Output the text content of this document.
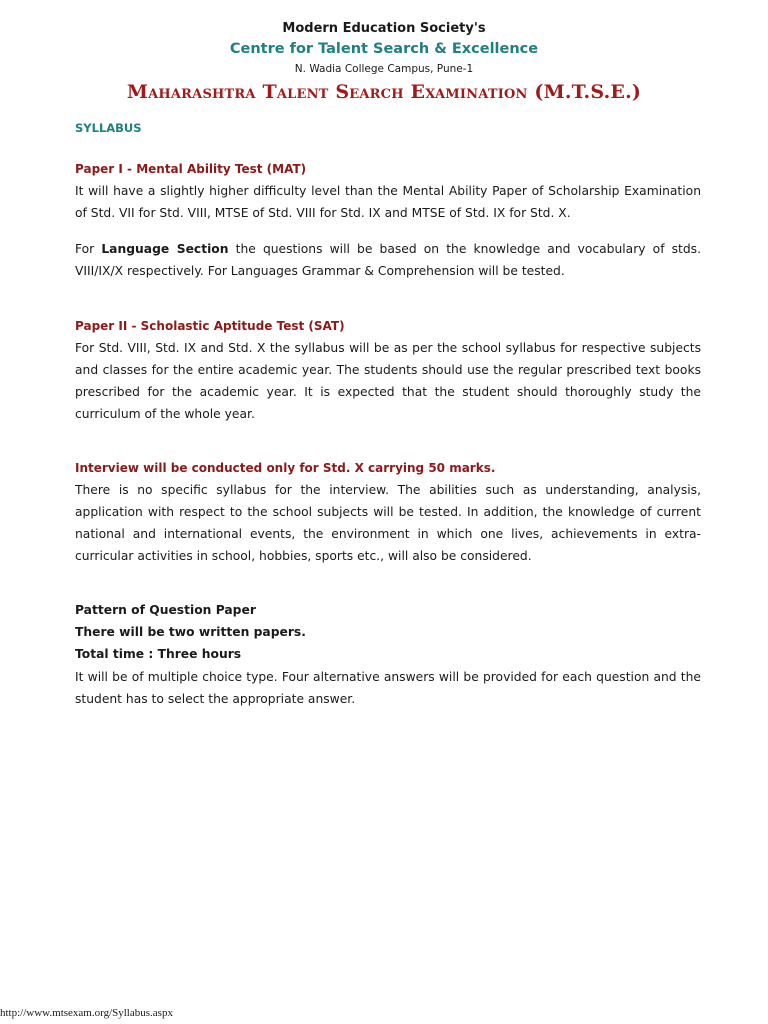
Modern Education Society's
Centre for Talent Search & Excellence
N. Wadia College Campus, Pune-1
Maharashtra Talent Search Examination (M.T.S.E.)
SYLLABUS
Paper I - Mental Ability Test (MAT)
It will have a slightly higher difficulty level than the Mental Ability Paper of Scholarship Examination of Std. VII for Std. VIII, MTSE of Std. VIII for Std. IX and MTSE of Std. IX for Std. X.
For Language Section the questions will be based on the knowledge and vocabulary of stds. VIII/IX/X respectively. For Languages Grammar & Comprehension will be tested.
Paper II - Scholastic Aptitude Test (SAT)
For Std. VIII, Std. IX and Std. X the syllabus will be as per the school syllabus for respective subjects and classes for the entire academic year. The students should use the regular prescribed text books prescribed for the academic year. It is expected that the student should thoroughly study the curriculum of the whole year.
Interview will be conducted only for Std. X carrying 50 marks.
There is no specific syllabus for the interview. The abilities such as understanding, analysis, application with respect to the school subjects will be tested. In addition, the knowledge of current national and international events, the environment in which one lives, achievements in extra-curricular activities in school, hobbies, sports etc., will also be considered.
Pattern of Question Paper
There will be two written papers.
Total time : Three hours
It will be of multiple choice type. Four alternative answers will be provided for each question and the student has to select the appropriate answer.
http://www.mtsexam.org/Syllabus.aspx
